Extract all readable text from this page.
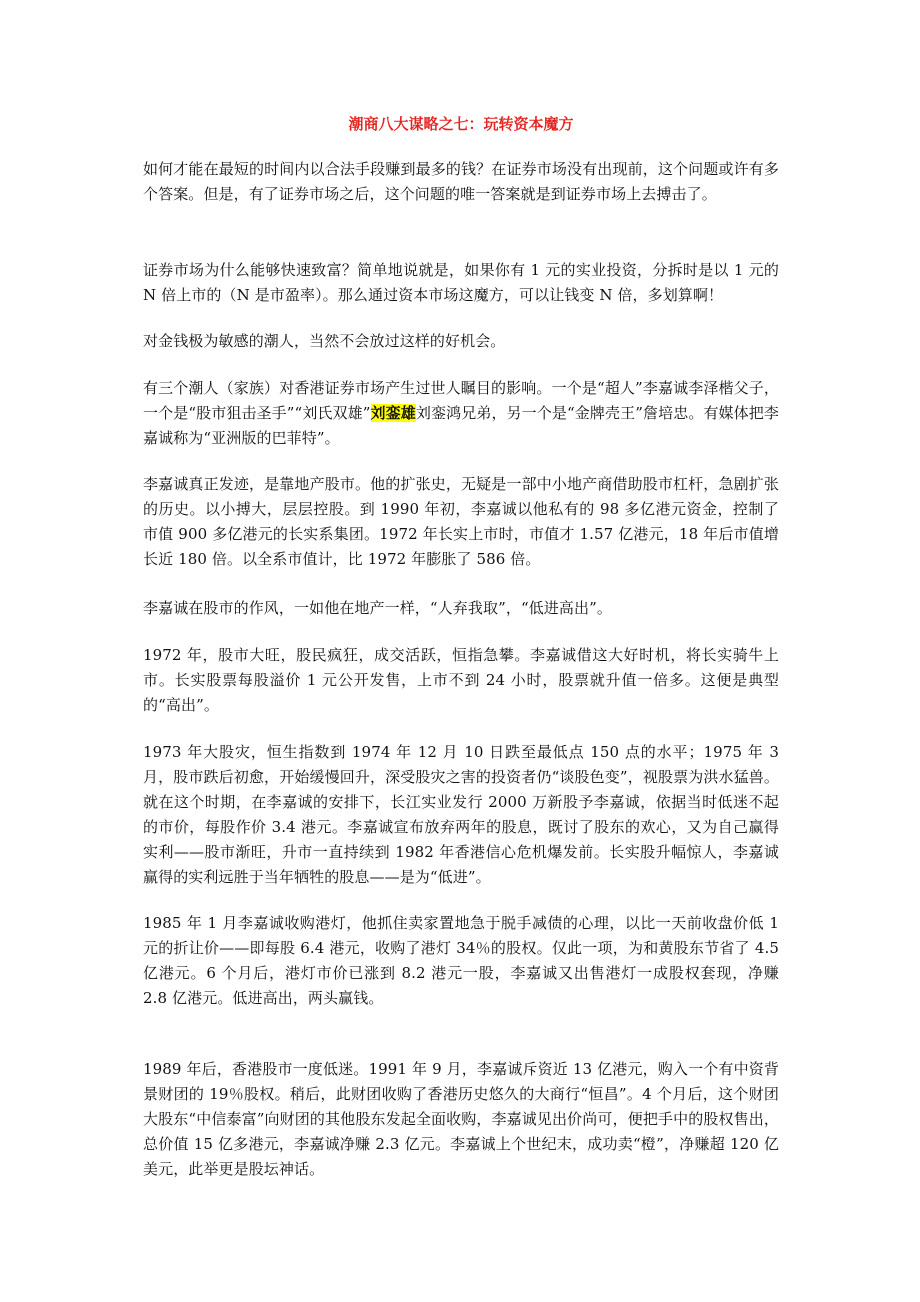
潮商八大谋略之七：玩转资本魔方

如何才能在最短的时间内以合法手段赚到最多的钱？在证券市场没有出现前，这个问题或许有多个答案。但是，有了证券市场之后，这个问题的唯一答案就是到证券市场上去搏击了。

证券市场为什么能够快速致富？简单地说就是，如果你有 1 元的实业投资，分拆时是以 1 元的 N 倍上市的（N 是市盈率）。那么通过资本市场这魔方，可以让钱变 N 倍，多划算啊！

对金钱极为敏感的潮人，当然不会放过这样的好机会。

有三个潮人（家族）对香港证券市场产生过世人瞩目的影响。一个是“超人”李嘉诚李泽楷父子，一个是“股市狙击圣手”“刘氏双雄”刘銮雄刘銮鸿兄弟，另一个是“金牌壳王”詹培忠。有媒体把李嘉诚称为“亚洲版的巴菲特”。

李嘉诚真正发迹，是靠地产股市。他的扩张史，无疑是一部中小地产商借助股市杠杆，急剧扩张的历史。以小搏大，层层控股。到 1990 年初，李嘉诚以他私有的 98 多亿港元资金，控制了市值 900 多亿港元的长实系集团。1972 年长实上市时，市值才 1.57 亿港元，18 年后市值增长近 180 倍。以全系市值计，比 1972 年膨胀了 586 倍。

李嘉诚在股市的作风，一如他在地产一样，“人弃我取”，“低进高出”。

1972 年，股市大旺，股民疯狂，成交活跃，恒指急攀。李嘉诚借这大好时机，将长实骑牛上市。长实股票每股溢价 1 元公开发售，上市不到 24 小时，股票就升值一倍多。这便是典型的“高出”。

1973 年大股灾，恒生指数到 1974 年 12 月 10 日跌至最低点 150 点的水平；1975 年 3 月，股市跌后初愈，开始缓慢回升，深受股灾之害的投资者仍“谈股色变”，视股票为洪水猛兽。就在这个时期，在李嘉诚的安排下，长江实业发行 2000 万新股予李嘉诚，依据当时低迷不起的市价，每股作价 3.4 港元。李嘉诚宣布放弃两年的股息，既讨了股东的欢心，又为自己赢得实利——股市渐旺，升市一直持续到 1982 年香港信心危机爆发前。长实股升幅惊人，李嘉诚赢得的实利远胜于当年牺牲的股息——是为“低进”。

1985 年 1 月李嘉诚收购港灯，他抓住卖家置地急于脱手减债的心理，以比一天前收盘价低 1 元的折让价——即每股 6.4 港元，收购了港灯 34％的股权。仅此一项，为和黄股东节省了 4.5 亿港元。6 个月后，港灯市价已涨到 8.2 港元一股，李嘉诚又出售港灯一成股权套现，净赚 2.8 亿港元。低进高出，两头赢钱。

1989 年后，香港股市一度低迷。1991 年 9 月，李嘉诚斥资近 13 亿港元，购入一个有中资背景财团的 19％股权。稍后，此财团收购了香港历史悠久的大商行“恒昌”。4 个月后，这个财团大股东“中信泰富”向财团的其他股东发起全面收购，李嘉诚见出价尚可，便把手中的股权售出，总价值 15 亿多港元，李嘉诚净赚 2.3 亿元。李嘉诚上个世纪末，成功卖“橙”，净赚超 120 亿美元，此举更是股坛神话。
